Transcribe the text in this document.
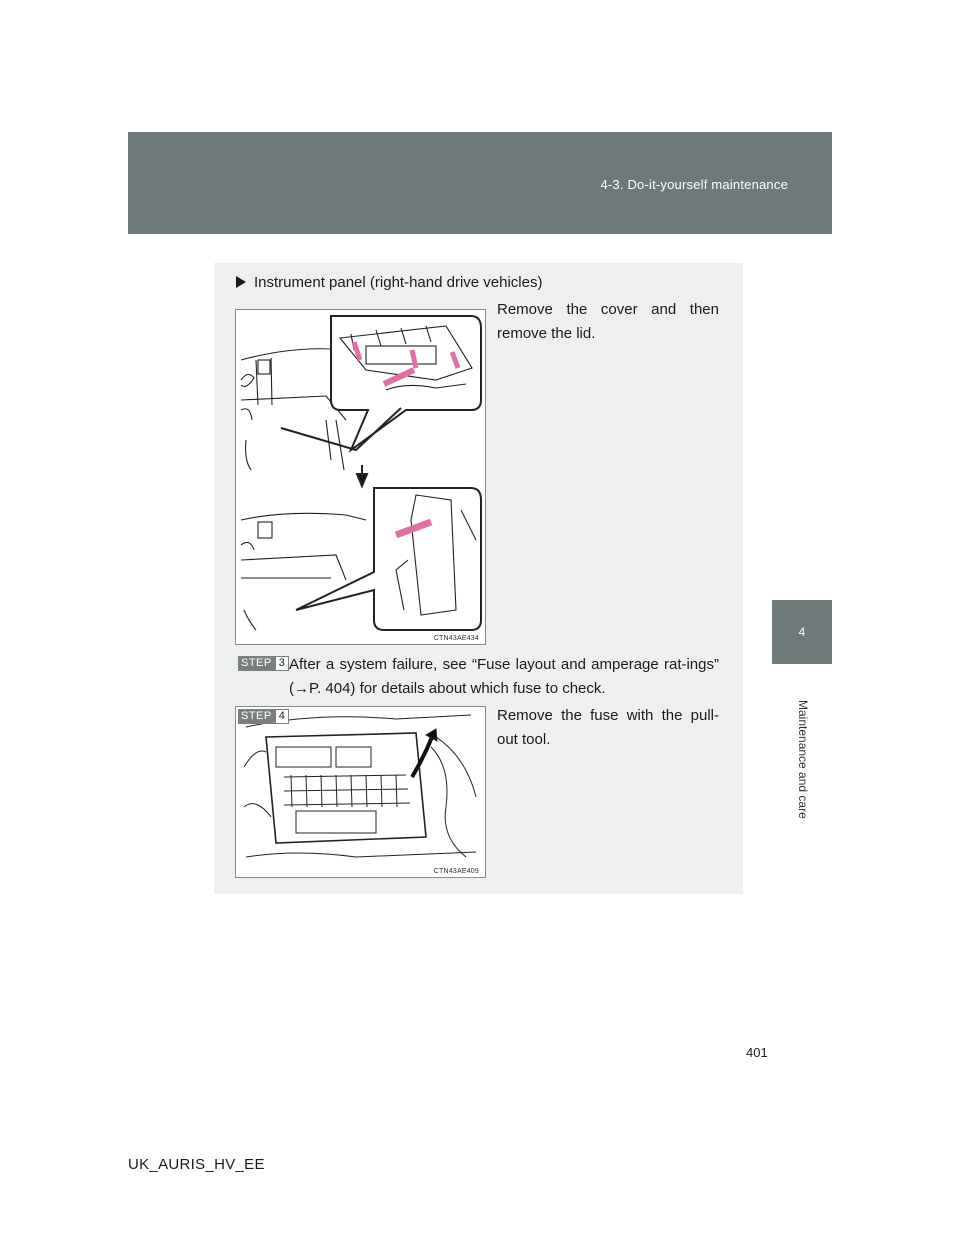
4-3. Do-it-yourself maintenance
4
Maintenance and care
Instrument panel (right-hand drive vehicles)
Remove the cover and then remove the lid.
CTN43AE434
STEP 3 After a system failure, see “Fuse layout and amperage rat-ings” (→P. 404) for details about which fuse to check.
Remove the fuse with the pull-out tool.
STEP 4
CTN43AE409
401
UK_AURIS_HV_EE
